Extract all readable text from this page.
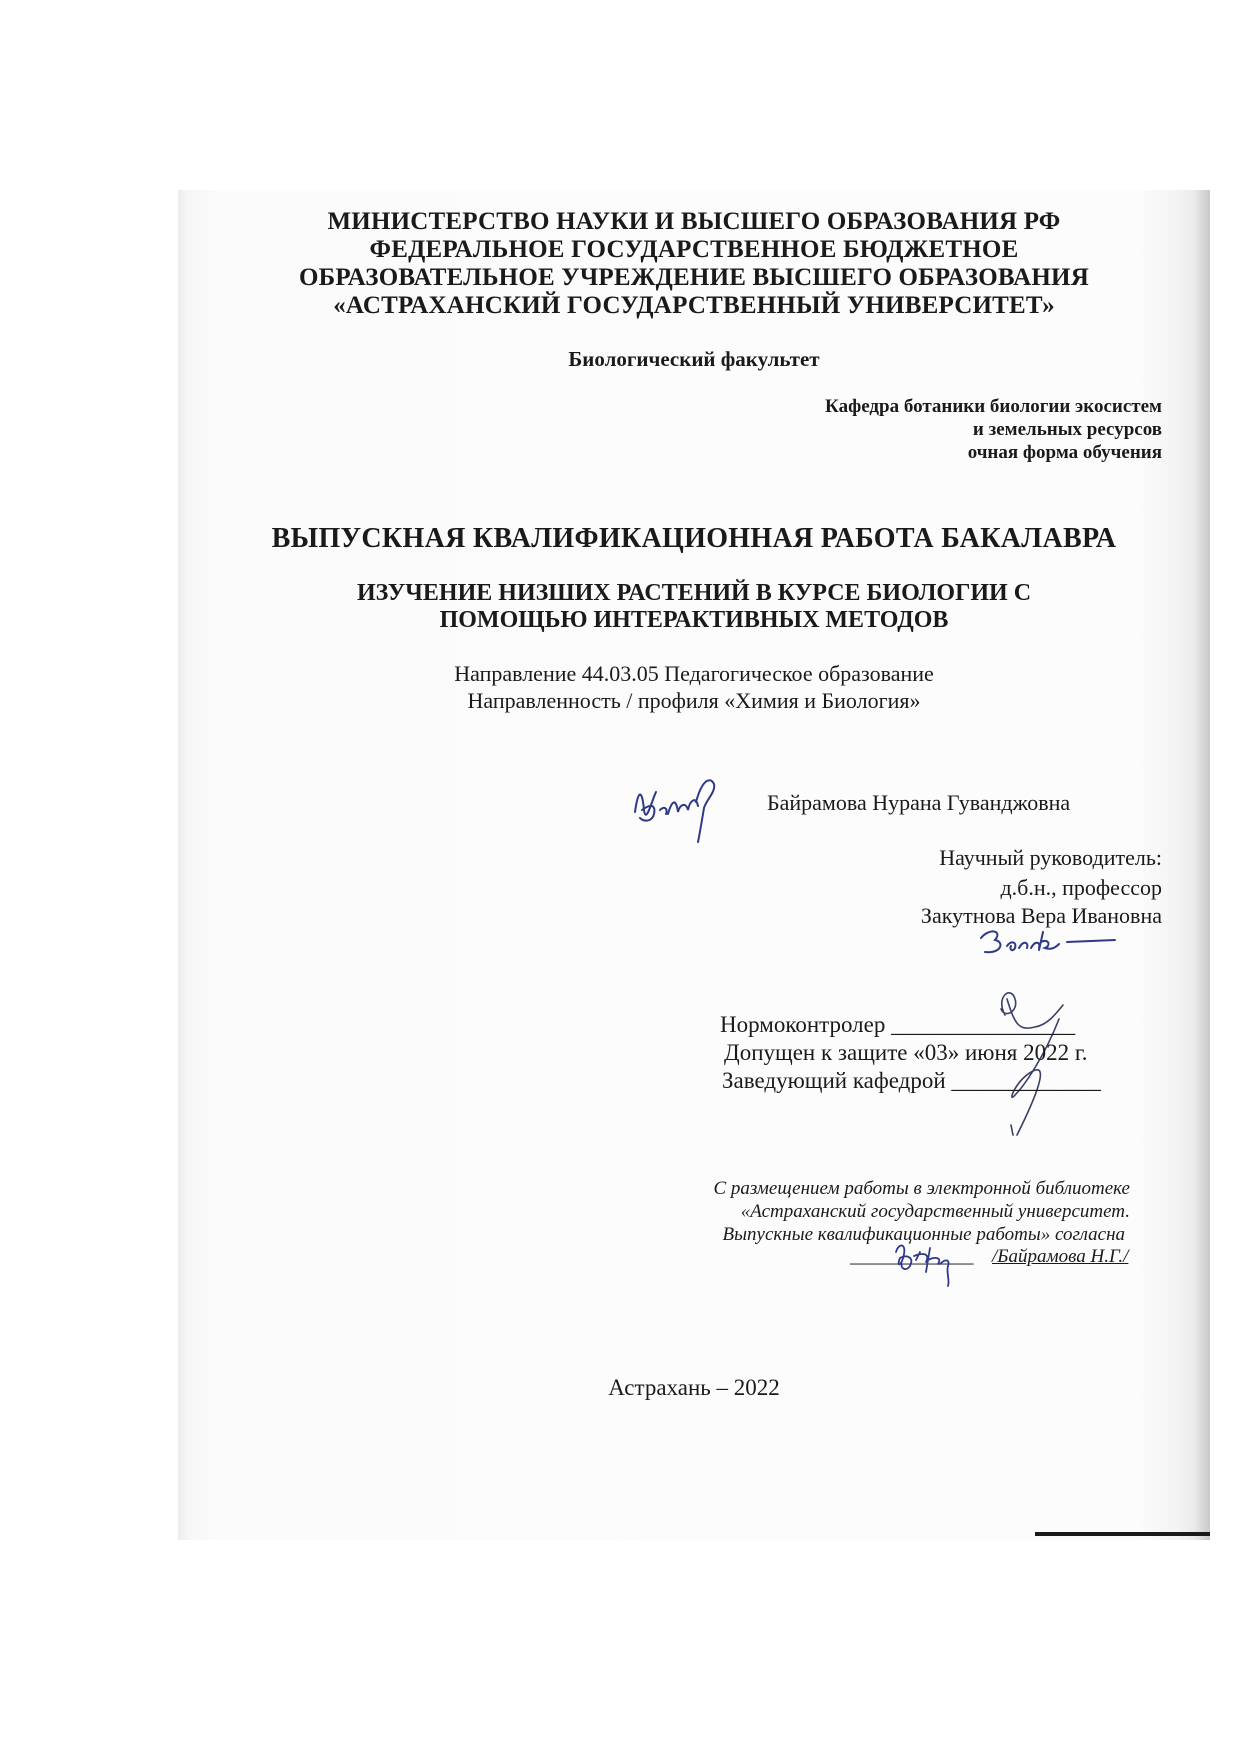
МИНИСТЕРСТВО НАУКИ И ВЫСШЕГО ОБРАЗОВАНИЯ РФ
ФЕДЕРАЛЬНОЕ ГОСУДАРСТВЕННОЕ БЮДЖЕТНОЕ
ОБРАЗОВАТЕЛЬНОЕ УЧРЕЖДЕНИЕ ВЫСШЕГО ОБРАЗОВАНИЯ
«АСТРАХАНСКИЙ ГОСУДАРСТВЕННЫЙ УНИВЕРСИТЕТ»
Биологический факультет
Кафедра ботаники биологии экосистем
и земельных ресурсов
очная форма обучения
ВЫПУСКНАЯ КВАЛИФИКАЦИОННАЯ РАБОТА БАКАЛАВРА
ИЗУЧЕНИЕ НИЗШИХ РАСТЕНИЙ В КУРСЕ БИОЛОГИИ С
ПОМОЩЬЮ ИНТЕРАКТИВНЫХ МЕТОДОВ
Направление 44.03.05 Педагогическое образование
Направленность / профиля «Химия и Биология»
Байрамова Нурана Гуванджовна
Научный руководитель:
д.б.н., профессор
Закутнова Вера Ивановна
Нормоконтролер ________________
Допущен к защите «03» июня 2022 г.
Заведующий кафедрой _____________
С размещением работы в электронной библиотеке
«Астраханский государственный университет.
Выпускные квалификационные работы» согласна
_____________ /Байрамова Н.Г./
Астрахань – 2022
